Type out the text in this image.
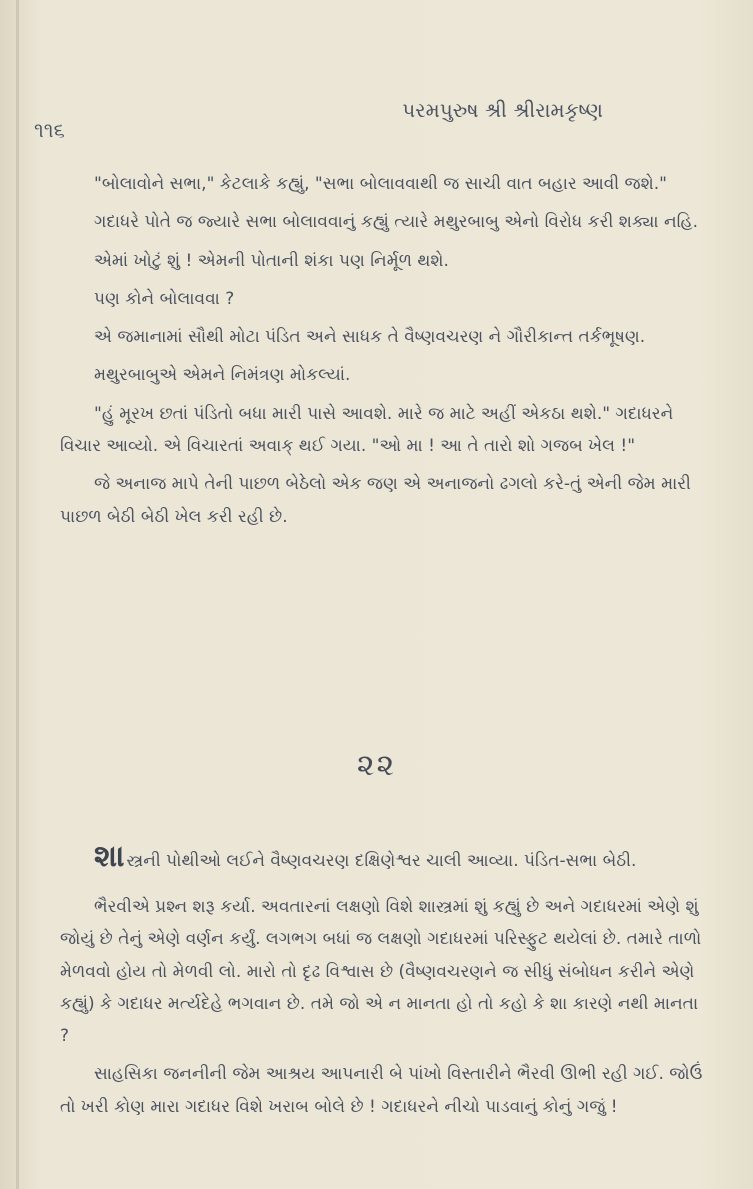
૧૧૬
પરમપુરુષ શ્રી શ્રીરામકૃષ્ણ

"બોલાવોને સભા," કેટલાકે કહ્યું, "સભા બોલાવવાથી જ સાચી વાત બહાર આવી જશે."

ગદાધરે પોતે જ જ્યારે સભા બોલાવવાનું કહ્યું ત્યારે મથુરબાબુ એનો વિરોધ કરી શક્યા નહિ.

એમાં ખોટું શું ! એમની પોતાની શંકા પણ નિર્મૂળ થશે.

પણ કોને બોલાવવા ?

એ જમાનામાં સૌથી મોટા પંડિત અને સાધક તે વૈષ્ણવચરણ ને ગૌરીકાન્ત તર્કભૂષણ.

મથુરબાબુએ એમને નિમંત્રણ મોકલ્યાં.

"હું મૂરખ છતાં પંડિતો બધા મારી પાસે આવશે. મારે જ માટે અહીં એકઠા થશે." ગદાધરને વિચાર આવ્યો. એ વિચારતાં અવાક્ થઈ ગયા. "ઓ મા ! આ તે તારો શો ગજબ ખેલ !"

જે અનાજ માપે તેની પાછળ બેઠેલો એક જણ એ અનાજનો ઢગલો કરે-તું એની જેમ મારી પાછળ બેઠી બેઠી ખેલ કરી રહી છે.

૨૨

શાસ્ત્રની પોથીઓ લઈને વૈષ્ણવચરણ દક્ષિણેશ્વર ચાલી આવ્યા. પંડિત-સભા બેઠી.

ભૈરવીએ પ્રશ્ન શરૂ કર્યા. અવતારનાં લક્ષણો વિશે શાસ્ત્રમાં શું કહ્યું છે અને ગદાધરમાં એણે શું જોયું છે તેનું એણે વર્ણન કર્યું. લગભગ બધાં જ લક્ષણો ગદાધરમાં પરિસ્ફુટ થયેલાં છે. તમારે તાળો મેળવવો હોય તો મેળવી લો. મારો તો દૃઢ વિશ્વાસ છે (વૈષ્ણવચરણને જ સીધું સંબોધન કરીને એણે કહ્યું) કે ગદાધર મર્ત્યદેહે ભગવાન છે. તમે જો એ ન માનતા હો તો કહો કે શા કારણે નથી માનતા ?

સાહસિકા જનનીની જેમ આશ્રય આપનારી બે પાંખો વિસ્તારીને ભૈરવી ઊભી રહી ગઈ. જોઉં તો ખરી કોણ મારા ગદાધર વિશે ખરાબ બોલે છે ! ગદાધરને નીચો પાડવાનું કોનું ગજું !
